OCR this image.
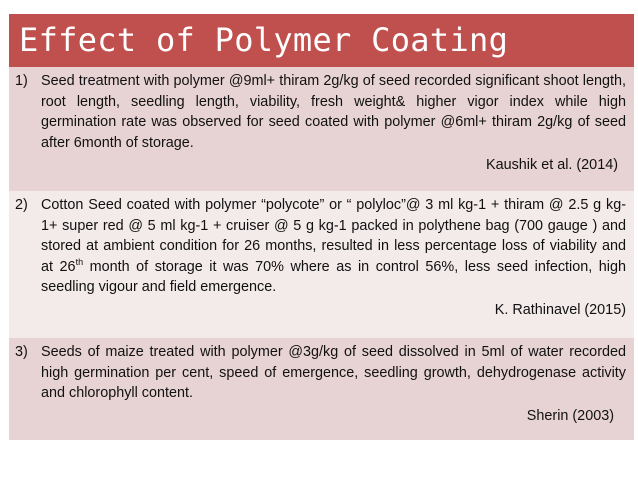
Effect of Polymer Coating
1) Seed treatment with polymer @9ml+ thiram 2g/kg of seed recorded significant shoot length, root length, seedling length, viability, fresh weight& higher vigor index while high germination rate was observed for seed coated with polymer @6ml+ thiram 2g/kg of seed after 6month of storage.
Kaushik et al. (2014)
2) Cotton Seed coated with polymer “polycote” or “ polyloc”@ 3 ml kg-1 + thiram @ 2.5 g kg-1+ super red @ 5 ml kg-1 + cruiser @ 5 g kg-1 packed in polythene bag (700 gauge ) and stored at ambient condition for 26 months, resulted in less percentage loss of viability and at 26th month of storage it was 70% where as in control 56%, less seed infection, high seedling vigour and field emergence.
K. Rathinavel (2015)
3) Seeds of maize treated with polymer @3g/kg of seed dissolved in 5ml of water recorded high germination per cent, speed of emergence, seedling growth, dehydrogenase activity and chlorophyll content.
Sherin (2003)
